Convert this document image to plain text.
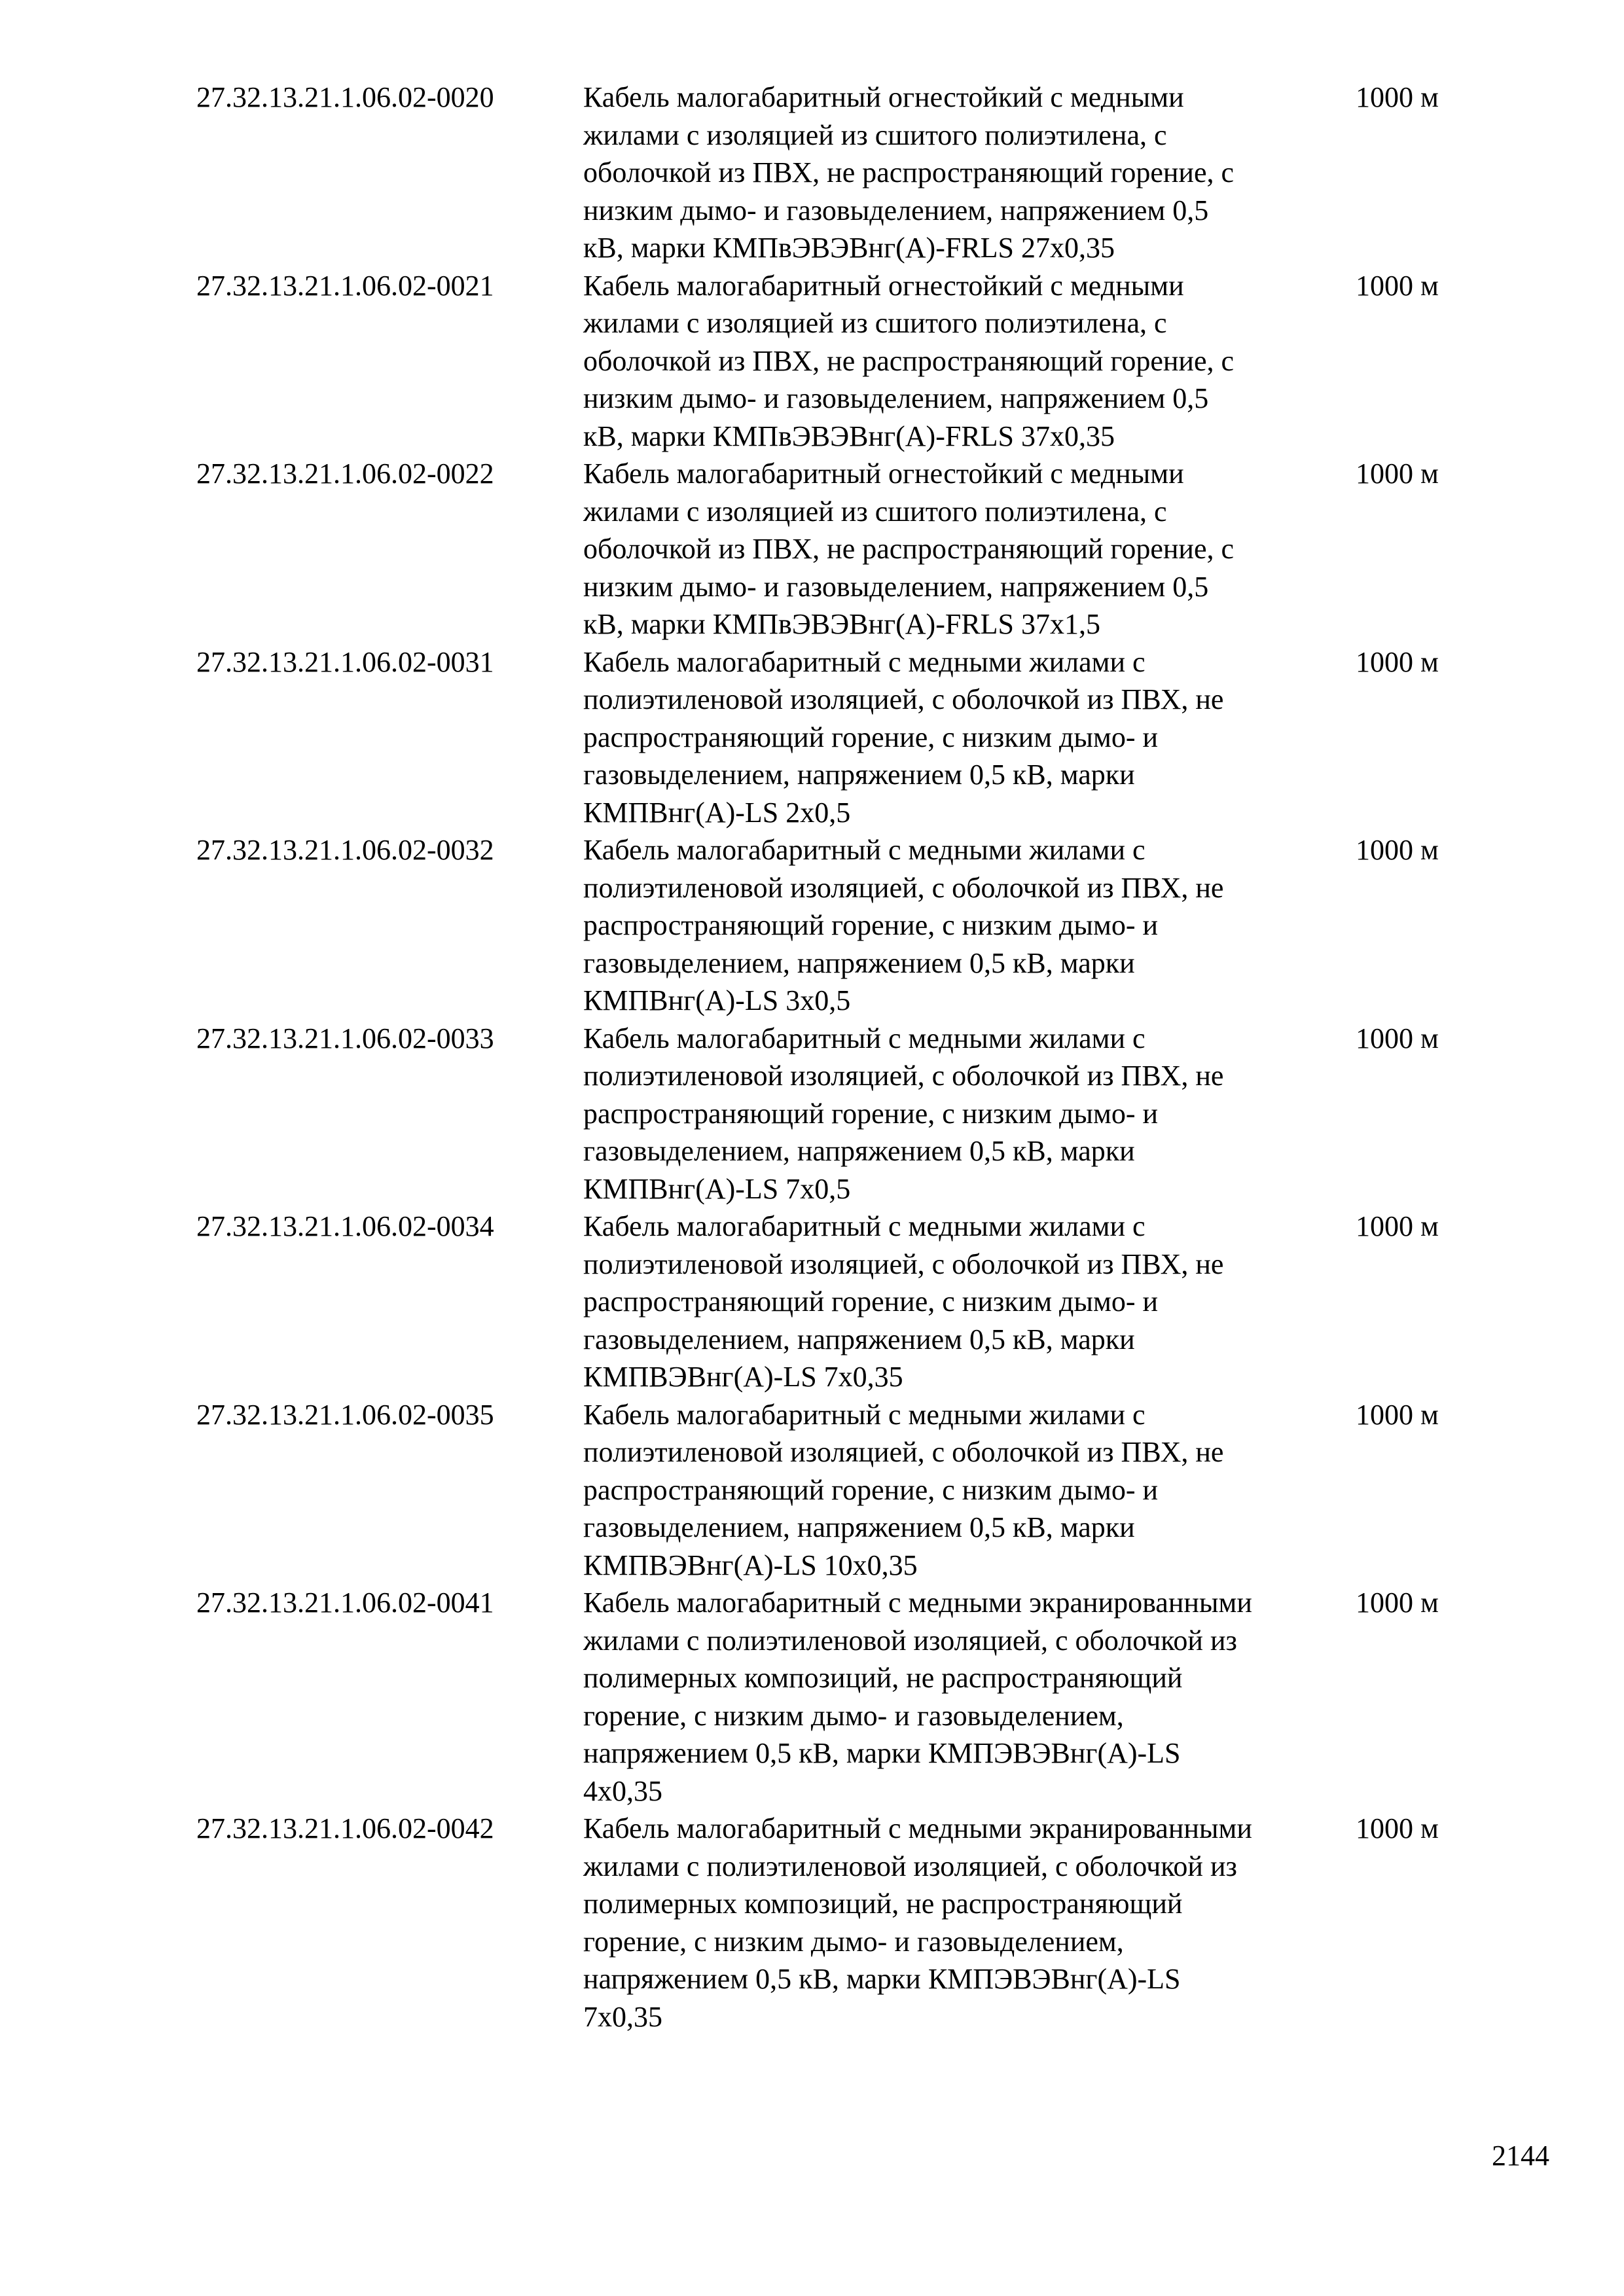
27.32.13.21.1.06.02-0020	Кабель малогабаритный огнестойкий с медными
жилами с изоляцией из сшитого полиэтилена, с
оболочкой из ПВХ, не распространяющий горение, с
низким дымо- и газовыделением, напряжением 0,5
кВ, марки КМПвЭВЭВнг(А)-FRLS 27x0,35
1000 м
27.32.13.21.1.06.02-0021	Кабель малогабаритный огнестойкий с медными
жилами с изоляцией из сшитого полиэтилена, с
оболочкой из ПВХ, не распространяющий горение, с
низким дымо- и газовыделением, напряжением 0,5
кВ, марки КМПвЭВЭВнг(А)-FRLS 37x0,35
1000 м
27.32.13.21.1.06.02-0022	Кабель малогабаритный огнестойкий с медными
жилами с изоляцией из сшитого полиэтилена, с
оболочкой из ПВХ, не распространяющий горение, с
низким дымо- и газовыделением, напряжением 0,5
кВ, марки КМПвЭВЭВнг(А)-FRLS 37x1,5
1000 м
27.32.13.21.1.06.02-0031	Кабель малогабаритный с медными жилами с
полиэтиленовой изоляцией, с оболочкой из ПВХ, не
распространяющий горение, с низким дымо- и
газовыделением, напряжением 0,5 кВ, марки
КМПВнг(А)-LS 2x0,5
1000 м
27.32.13.21.1.06.02-0032	Кабель малогабаритный с медными жилами с
полиэтиленовой изоляцией, с оболочкой из ПВХ, не
распространяющий горение, с низким дымо- и
газовыделением, напряжением 0,5 кВ, марки
КМПВнг(А)-LS 3x0,5
1000 м
27.32.13.21.1.06.02-0033	Кабель малогабаритный с медными жилами с
полиэтиленовой изоляцией, с оболочкой из ПВХ, не
распространяющий горение, с низким дымо- и
газовыделением, напряжением 0,5 кВ, марки
КМПВнг(А)-LS 7x0,5
1000 м
27.32.13.21.1.06.02-0034	Кабель малогабаритный с медными жилами с
полиэтиленовой изоляцией, с оболочкой из ПВХ, не
распространяющий горение, с низким дымо- и
газовыделением, напряжением 0,5 кВ, марки
КМПВЭВнг(А)-LS 7x0,35
1000 м
27.32.13.21.1.06.02-0035	Кабель малогабаритный с медными жилами с
полиэтиленовой изоляцией, с оболочкой из ПВХ, не
распространяющий горение, с низким дымо- и
газовыделением, напряжением 0,5 кВ, марки
КМПВЭВнг(А)-LS 10x0,35
1000 м
27.32.13.21.1.06.02-0041	Кабель малогабаритный с медными экранированными
жилами с полиэтиленовой изоляцией, с оболочкой из
полимерных композиций, не распространяющий
горение, с низким дымо- и газовыделением,
напряжением 0,5 кВ, марки КМПЭВЭВнг(А)-LS
4x0,35
1000 м
27.32.13.21.1.06.02-0042	Кабель малогабаритный с медными экранированными
жилами с полиэтиленовой изоляцией, с оболочкой из
полимерных композиций, не распространяющий
горение, с низким дымо- и газовыделением,
напряжением 0,5 кВ, марки КМПЭВЭВнг(А)-LS
7x0,35
1000 м
2144
